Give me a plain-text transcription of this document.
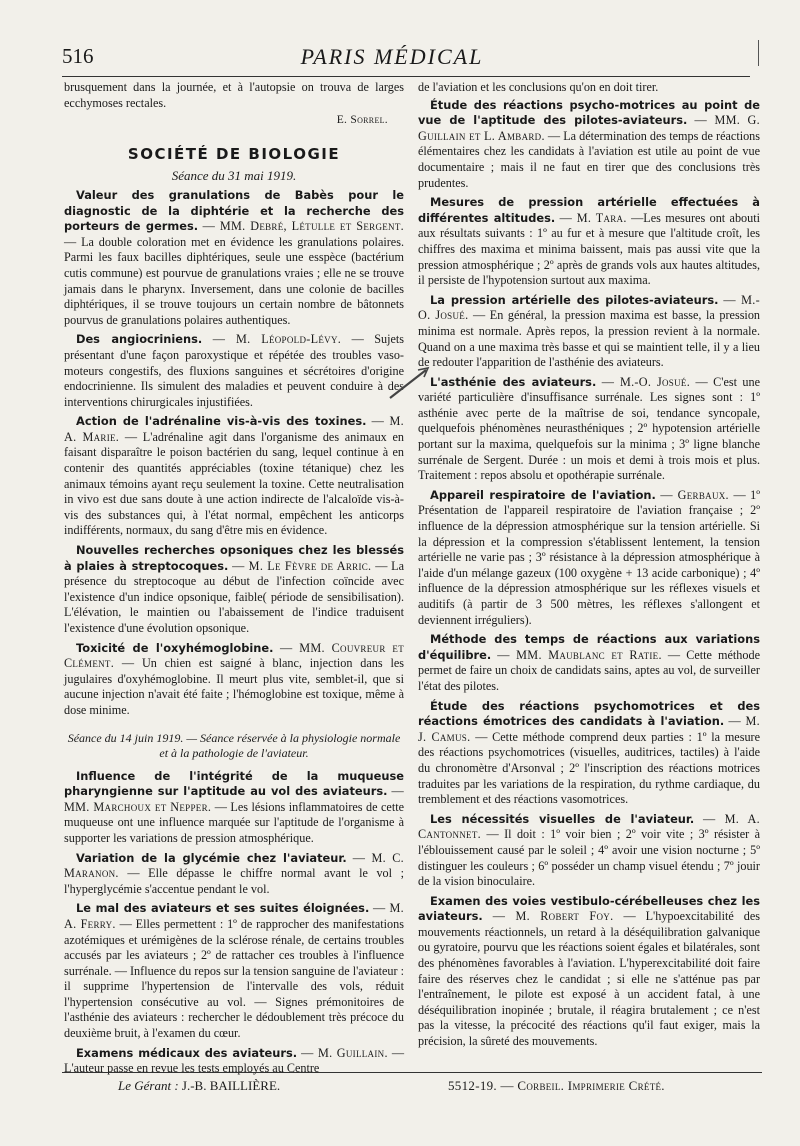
516	PARIS MÉDICAL

brusquement dans la journée, et à l'autopsie on trouva de larges ecchymoses rectales.

E. Sorrel.

SOCIÉTÉ DE BIOLOGIE
Séance du 31 mai 1919.

Valeur des granulations de Babès pour le diagnostic de la diphtérie et la recherche des porteurs de germes. — MM. Debré, Létulle et Sergent. — La double coloration met en évidence les granulations polaires. Parmi les faux bacilles diphtériques, seule une esspèce (bactérium cutis commune) est pourvue de granulations vraies ; elle ne se trouve jamais dans le pharynx. Inversement, dans une colonie de bacilles diphtériques, il se trouve toujours un certain nombre de bâtonnets pourvus de granulations polaires authentiques.

Des angiocriniens. — M. Léopold-Lévy. — Sujets présentant d'une façon paroxystique et répétée des troubles vaso-moteurs congestifs, des fluxions sanguines et sécrétoires d'origine endocrinienne. Ils simulent des maladies et peuvent conduire à des interventions chirurgicales injustifiées.

Action de l'adrénaline vis-à-vis des toxines. — M. A. Marie. — L'adrénaline agit dans l'organisme des animaux en faisant disparaître le poison bactérien du sang, lequel continue à en contenir des quantités appréciables (toxine tétanique) chez les animaux témoins ayant reçu seulement la toxine. Cette neutralisation in vivo est due sans doute à une action indirecte de l'alcaloïde vis-à-vis des substances qui, à l'état normal, empêchent les anticorps indifférents, normaux, du sang d'être mis en évidence.

Nouvelles recherches opsoniques chez les blessés à plaies à streptocoques. — M. Le Fèvre de Arric. — La présence du streptocoque au début de l'infection coïncide avec l'existence d'un indice opsonique, faible( période de sensibilisation). L'élévation, le maintien ou l'abaissement de l'indice traduisent l'existence d'une évolution opsonique.

Toxicité de l'oxyhémoglobine. — MM. Couvreur et Clément. — Un chien est saigné à blanc, injection dans les jugulaires d'oxyhémoglobine. Il meurt plus vite, semblet-il, que si aucune injection n'avait été faite ; l'hémoglobine est toxique, même à dose minime.

Séance du 14 juin 1919. — Séance réservée à la physiologie normale et à la pathologie de l'aviateur.

Influence de l'intégrité de la muqueuse pharyngienne sur l'aptitude au vol des aviateurs. — MM. Marchoux et Nepper. — Les lésions inflammatoires de cette muqueuse ont une influence marquée sur l'aptitude de l'organisme à supporter les variations de pression atmosphérique.

Variation de la glycémie chez l'aviateur. — M. C. Maranon. — Elle dépasse le chiffre normal avant le vol ; l'hyperglycémie s'accentue pendant le vol.

Le mal des aviateurs et ses suites éloignées. — M. A. Ferry. — Elles permettent : 1º de rapprocher des manifestations azotémiques et urémigènes de la sclérose rénale, de certains troubles accusés par les aviateurs ; 2º de rattacher ces troubles à l'influence surrénale. — Influence du repos sur la tension sanguine de l'aviateur : il supprime l'hypertension de l'intervalle des vols, réduit l'hypertension consécutive au vol. — Signes prémonitoires de l'asthénie des aviateurs : rechercher le dédoublement très précoce du deuxième bruit, à l'examen du cœur.

Examens médicaux des aviateurs. — M. Guillain. — L'auteur passe en revue les tests employés au Centre

de l'aviation et les conclusions qu'on en doit tirer.

Étude des réactions psycho-motrices au point de vue de l'aptitude des pilotes-aviateurs. — MM. G. Guillain et L. Ambard. — La détermination des temps de réactions élémentaires chez les candidats à l'aviation est utile au point de vue documentaire ; mais il ne faut en tirer que des conclusions très prudentes.

Mesures de pression artérielle effectuées à différentes altitudes. — M. Tara. —Les mesures ont abouti aux résultats suivants : 1º au fur et à mesure que l'altitude croît, les chiffres des maxima et minima baissent, mais pas aussi vite que la pression atmosphérique ; 2º après de grands vols aux hautes altitudes, il persiste de l'hypotension surtout aux maxima.

La pression artérielle des pilotes-aviateurs. — M.-O. Josué. — En général, la pression maxima est basse, la pression minima est normale. Après repos, la pression revient à la normale. Quand on a une maxima très basse et qui se maintient telle, il y a lieu de redouter l'apparition de l'asthénie des aviateurs.

L'asthénie des aviateurs. — M.-O. Josué. — C'est une variété particulière d'insuffisance surrénale. Les signes sont : 1º asthénie avec perte de la maîtrise de soi, tendance syncopale, quelquefois phénomènes neurasthéniques ; 2º hypotension artérielle portant sur la maxima, quelquefois sur la minima ; 3º ligne blanche surrénale de Sergent. Durée : un mois et demi à trois mois et plus. Traitement : repos absolu et opothérapie surrénale.

Appareil respiratoire de l'aviation. — Gerbaux. — 1º Présentation de l'appareil respiratoire de l'aviation française ; 2º influence de la dépression atmosphérique sur la tension artérielle. Si la dépression et la compression s'établissent lentement, la tension artérielle ne varie pas ; 3º résistance à la dépression atmosphérique à l'aide d'un mélange gazeux (100 oxygène + 13 acide carbonique) ; 4º influence de la dépression atmosphérique sur les réflexes visuels et auditifs (à partir de 3 500 mètres, les réflexes s'allongent et deviennent irréguliers).

Méthode des temps de réactions aux variations d'équilibre. — MM. Maublanc et Ratie. — Cette méthode permet de faire un choix de candidats sains, aptes au vol, de surveiller l'état des pilotes.

Étude des réactions psychomotrices et des réactions émotrices des candidats à l'aviation. — M. J. Camus. — Cette méthode comprend deux parties : 1º la mesure des réactions psychomotrices (visuelles, auditrices, tactiles) à l'aide du chronomètre d'Arsonval ; 2º l'inscription des réactions motrices traduites par les variations de la respiration, du rythme cardiaque, du tremblement et des réactions vasomotrices.

Les nécessités visuelles de l'aviateur. — M. A. Cantonnet. — Il doit : 1º voir bien ; 2º voir vite ; 3º résister à l'éblouissement causé par le soleil ; 4º avoir une vision nocturne ; 5º distinguer les couleurs ; 6º posséder un champ visuel étendu ; 7º jouir de la vision binoculaire.

Examen des voies vestibulo-cérébelleuses chez les aviateurs. — M. Robert Foy. — L'hypoexcitabilité des mouvements réactionnels, un retard à la déséquilibration galvanique ou gyratoire, pourvu que les réactions soient égales et bilatérales, sont des phénomènes favorables à l'aviation. L'hyperexcitabilité doit faire faire des réserves chez le candidat ; si elle ne s'atténue pas par l'entraînement, le pilote est exposé à un accident fatal, à une déséquilibration inopinée ; brutale, il réagira brutalement ; ce n'est pas la vitesse, la précocité des réactions qu'il faut exiger, mais la précision, la sûreté des mouvements.

Le Gérant : J.-B. BAILLIÈRE.	5512-19. — Corbeil. Imprimerie Crété.
